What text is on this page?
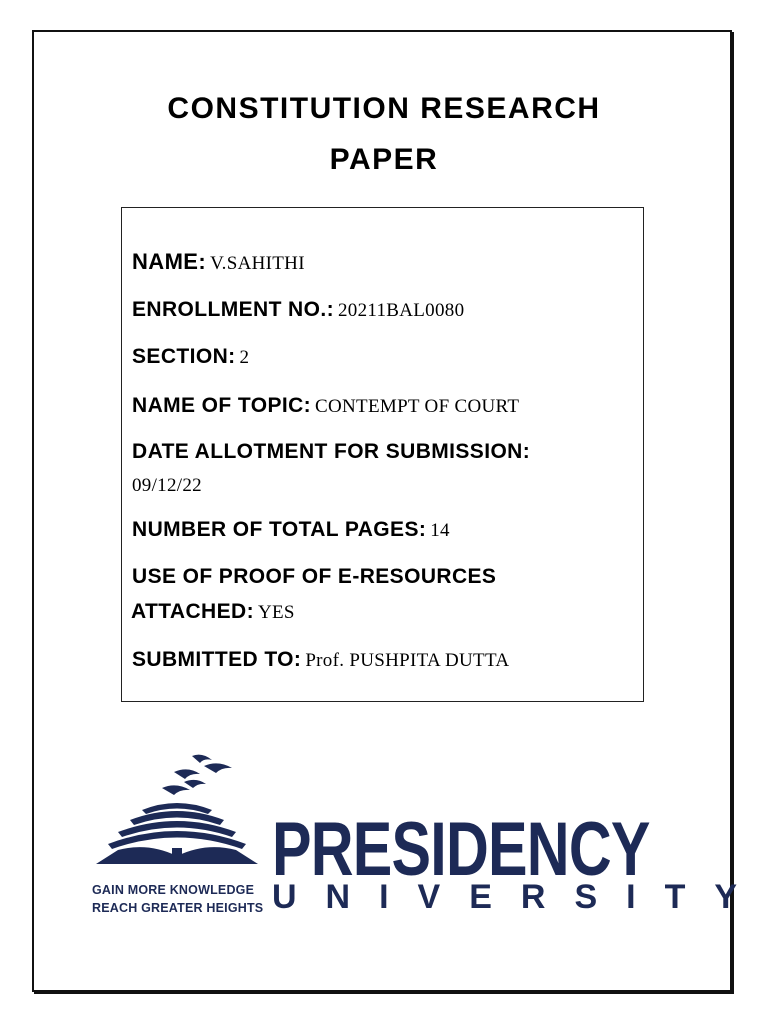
CONSTITUTION RESEARCH
PAPER
NAME: V.SAHITHI
ENROLLMENT NO.: 20211BAL0080
SECTION: 2
NAME OF TOPIC: CONTEMPT OF COURT
DATE ALLOTMENT FOR SUBMISSION:
09/12/22
NUMBER OF TOTAL PAGES: 14
USE OF PROOF OF E-RESOURCES
ATTACHED: YES
SUBMITTED TO: Prof. PUSHPITA DUTTA
PRESIDENCY
UNIVERSITY
GAIN MORE KNOWLEDGE
REACH GREATER HEIGHTS
